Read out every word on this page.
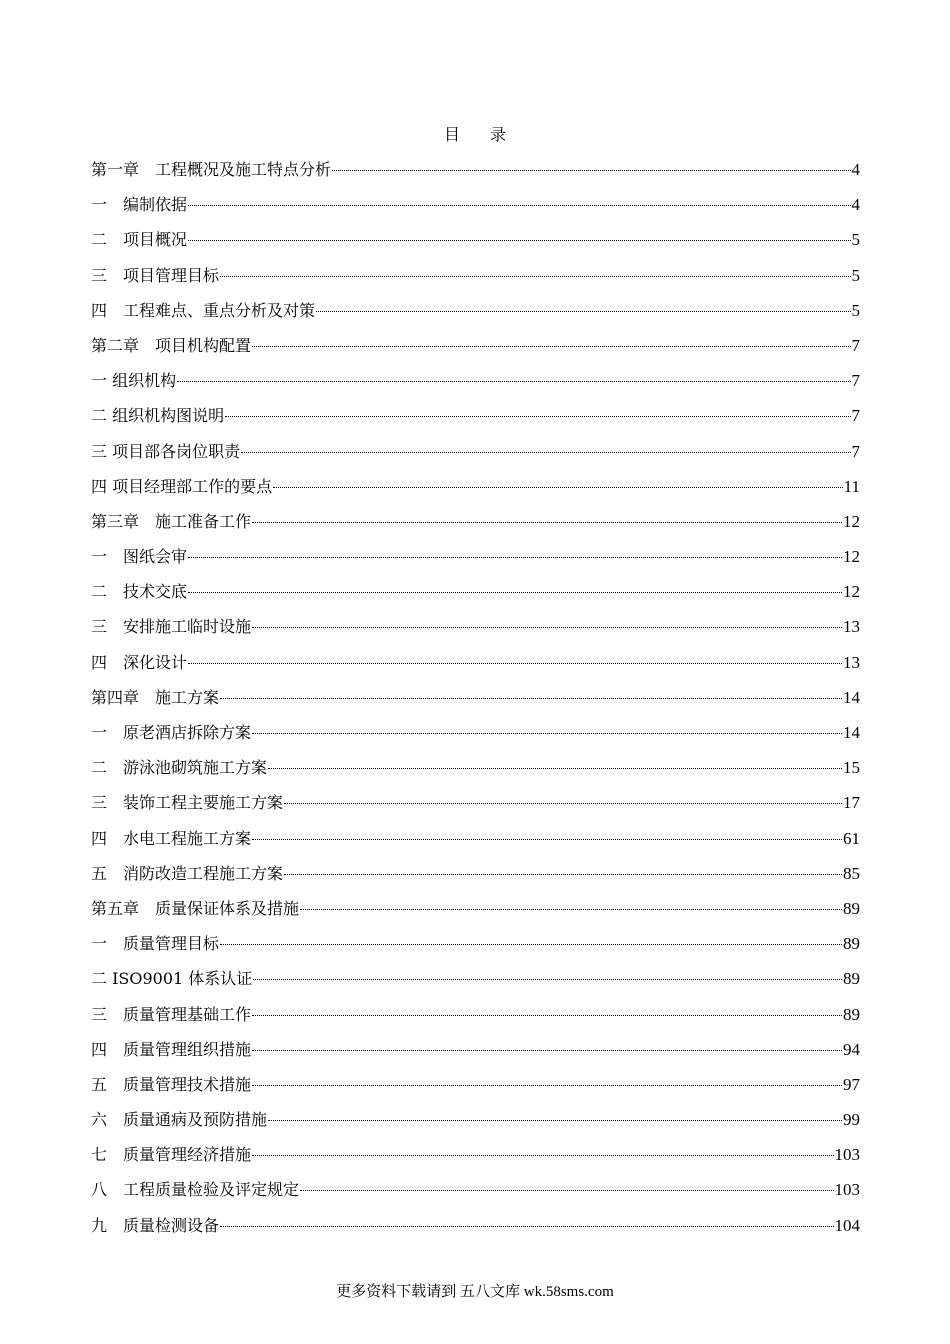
目 录
第一章　工程概况及施工特点分析	4
一　编制依据	4
二　项目概况	5
三　项目管理目标	5
四　工程难点、重点分析及对策	5
第二章　项目机构配置	7
一 组织机构	7
二 组织机构图说明	7
三 项目部各岗位职责	7
四 项目经理部工作的要点	11
第三章　施工准备工作	12
一　图纸会审	12
二　技术交底	12
三　安排施工临时设施	13
四　深化设计	13
第四章　施工方案	14
一　原老酒店拆除方案	14
二　游泳池砌筑施工方案	15
三　装饰工程主要施工方案	17
四　水电工程施工方案	61
五　消防改造工程施工方案	85
第五章　质量保证体系及措施	89
一　质量管理目标	89
二 ISO9001 体系认证	89
三　质量管理基础工作	89
四　质量管理组织措施	94
五　质量管理技术措施	97
六　质量通病及预防措施	99
七　质量管理经济措施	103
八　工程质量检验及评定规定	103
九　质量检测设备	104
更多资料下载请到 五八文库 wk.58sms.com
